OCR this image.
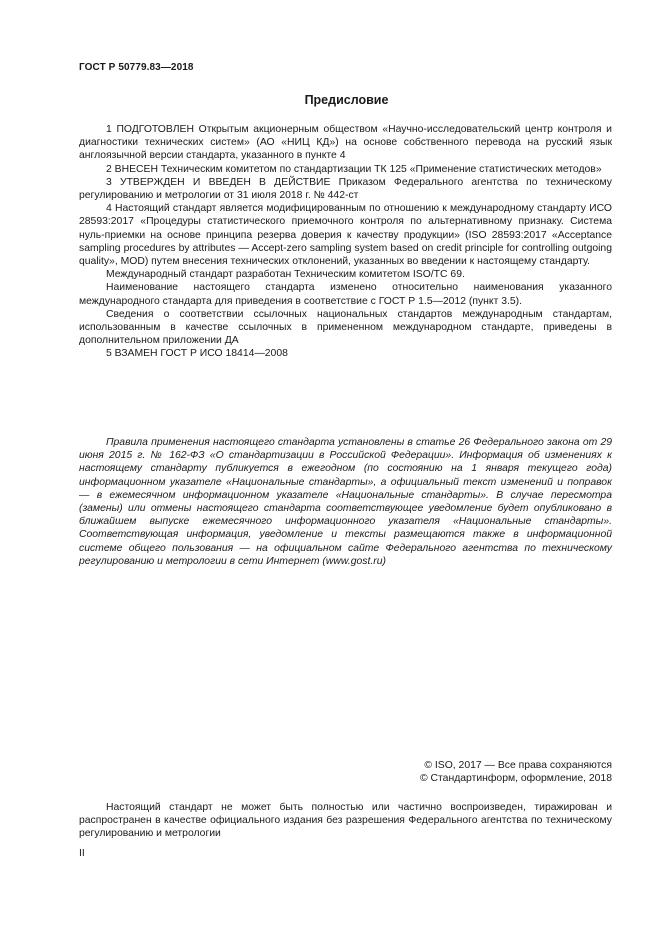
ГОСТ Р 50779.83—2018
Предисловие

1 ПОДГОТОВЛЕН Открытым акционерным обществом «Научно-исследовательский центр контроля и диагностики технических систем» (АО «НИЦ КД») на основе собственного перевода на русский язык англоязычной версии стандарта, указанного в пункте 4

2 ВНЕСЕН Техническим комитетом по стандартизации ТК 125 «Применение статистических методов»

3 УТВЕРЖДЕН И ВВЕДЕН В ДЕЙСТВИЕ Приказом Федерального агентства по техническому регулированию и метрологии от 31 июля 2018 г. № 442-ст

4 Настоящий стандарт является модифицированным по отношению к международному стандарту ИСО 28593:2017 «Процедуры статистического приемочного контроля по альтернативному признаку. Система нуль-приемки на основе принципа резерва доверия к качеству продукции» (ISO 28593:2017 «Acceptance sampling procedures by attributes — Accept-zero sampling system based on credit principle for controlling outgoing quality», MOD) путем внесения технических отклонений, указанных во введении к настоящему стандарту.

Международный стандарт разработан Техническим комитетом ISO/TC 69.

Наименование настоящего стандарта изменено относительно наименования указанного международного стандарта для приведения в соответствие с ГОСТ Р 1.5—2012 (пункт 3.5).

Сведения о соответствии ссылочных национальных стандартов международным стандартам, использованным в качестве ссылочных в примененном международном стандарте, приведены в дополнительном приложении ДА

5 ВЗАМЕН ГОСТ Р ИСО 18414—2008

Правила применения настоящего стандарта установлены в статье 26 Федерального закона от 29 июня 2015 г. № 162-ФЗ «О стандартизации в Российской Федерации». Информация об изменениях к настоящему стандарту публикуется в ежегодном (по состоянию на 1 января текущего года) информационном указателе «Национальные стандарты», а официальный текст изменений и поправок — в ежемесячном информационном указателе «Национальные стандарты». В случае пересмотра (замены) или отмены настоящего стандарта соответствующее уведомление будет опубликовано в ближайшем выпуске ежемесячного информационного указателя «Национальные стандарты». Соответствующая информация, уведомление и тексты размещаются также в информационной системе общего пользования — на официальном сайте Федерального агентства по техническому регулированию и метрологии в сети Интернет (www.gost.ru)

© ISO, 2017 — Все права сохраняются
© Стандартинформ, оформление, 2018

Настоящий стандарт не может быть полностью или частично воспроизведен, тиражирован и распространен в качестве официального издания без разрешения Федерального агентства по техническому регулированию и метрологии

II
